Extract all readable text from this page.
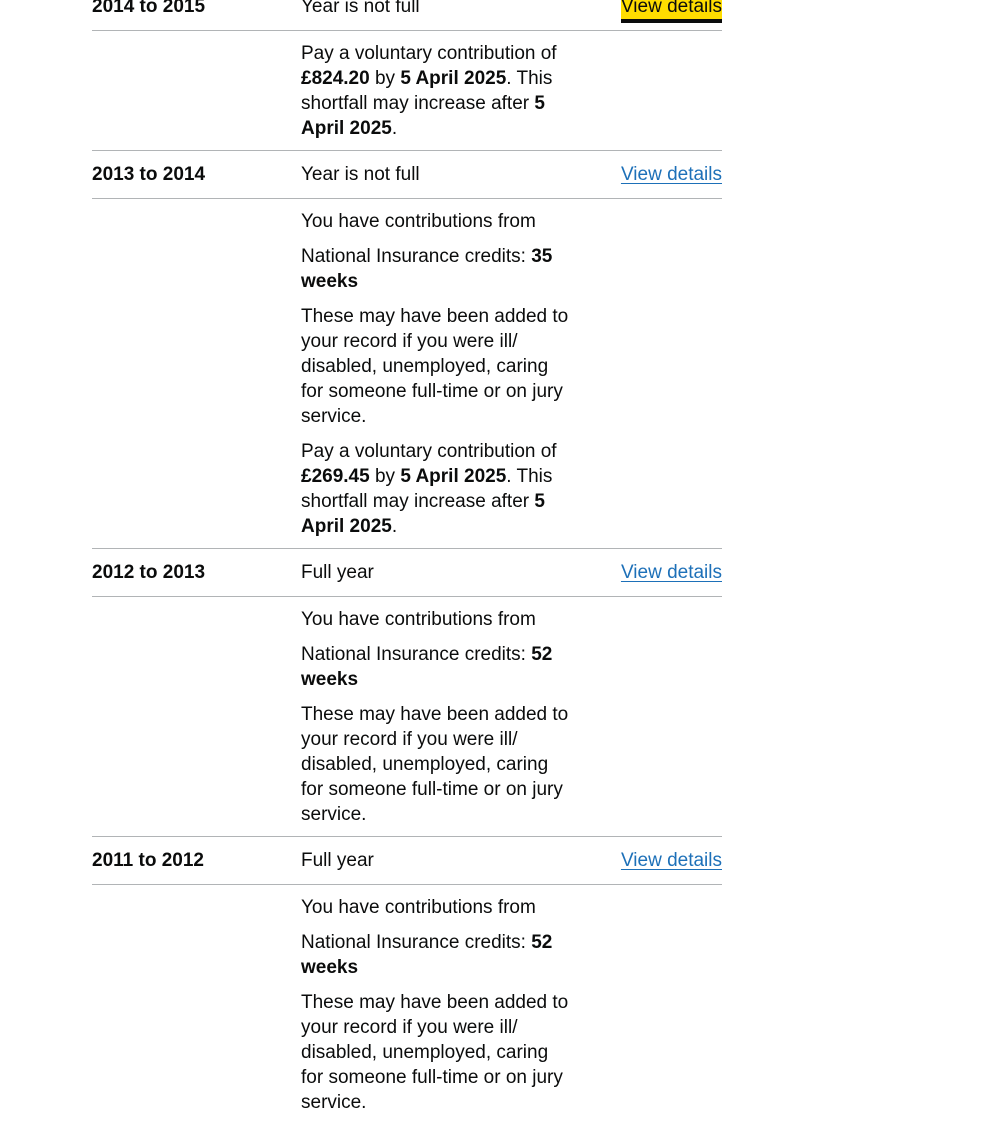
2014 to 2015	Year is not full	View details

Pay a voluntary contribution of £824.20 by 5 April 2025. This shortfall may increase after 5 April 2025.

2013 to 2014	Year is not full	View details

You have contributions from

National Insurance credits: 35 weeks

These may have been added to your record if you were ill/ disabled, unemployed, caring for someone full-time or on jury service.

Pay a voluntary contribution of £269.45 by 5 April 2025. This shortfall may increase after 5 April 2025.

2012 to 2013	Full year	View details

You have contributions from

National Insurance credits: 52 weeks

These may have been added to your record if you were ill/ disabled, unemployed, caring for someone full-time or on jury service.

2011 to 2012	Full year	View details

You have contributions from

National Insurance credits: 52 weeks

These may have been added to your record if you were ill/ disabled, unemployed, caring for someone full-time or on jury service.
